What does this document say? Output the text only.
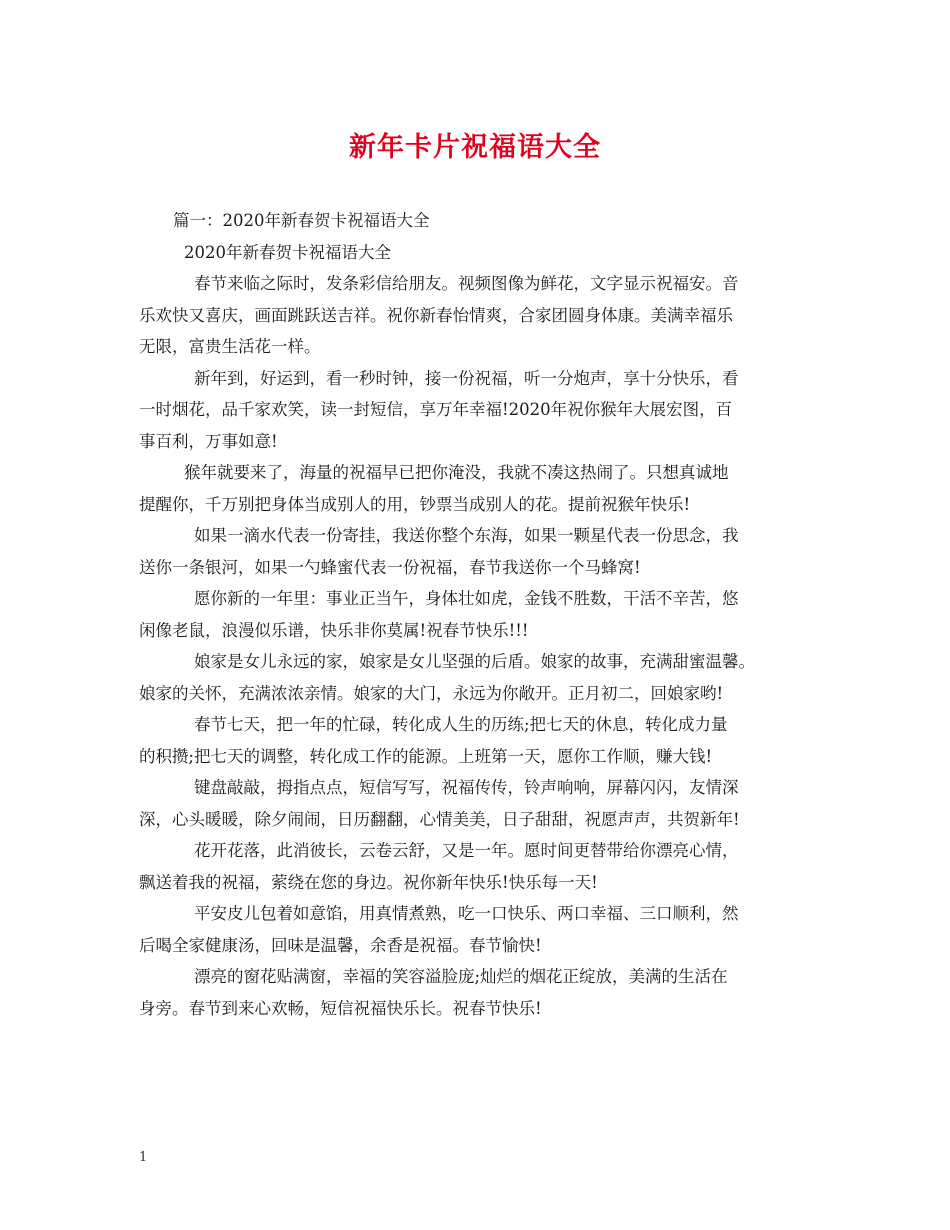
新年卡片祝福语大全
篇一：2020年新春贺卡祝福语大全
2020年新春贺卡祝福语大全
春节来临之际时，发条彩信给朋友。视频图像为鲜花，文字显示祝福安。音
乐欢快又喜庆，画面跳跃送吉祥。祝你新春怡情爽，合家团圆身体康。美满幸福乐
无限，富贵生活花一样。
新年到，好运到，看一秒时钟，接一份祝福，听一分炮声，享十分快乐，看
一时烟花，品千家欢笑，读一封短信，享万年幸福!2020年祝你猴年大展宏图，百
事百利，万事如意!
猴年就要来了，海量的祝福早已把你淹没，我就不凑这热闹了。只想真诚地
提醒你，千万别把身体当成别人的用，钞票当成别人的花。提前祝猴年快乐!
如果一滴水代表一份寄挂，我送你整个东海，如果一颗星代表一份思念，我
送你一条银河，如果一勺蜂蜜代表一份祝福，春节我送你一个马蜂窝!
愿你新的一年里：事业正当午，身体壮如虎，金钱不胜数，干活不辛苦，悠
闲像老鼠，浪漫似乐谱，快乐非你莫属!祝春节快乐!!!
娘家是女儿永远的家，娘家是女儿坚强的后盾。娘家的故事，充满甜蜜温馨。
娘家的关怀，充满浓浓亲情。娘家的大门，永远为你敞开。正月初二，回娘家哟!
春节七天，把一年的忙碌，转化成人生的历练;把七天的休息，转化成力量
的积攒;把七天的调整，转化成工作的能源。上班第一天，愿你工作顺，赚大钱!
键盘敲敲，拇指点点，短信写写，祝福传传，铃声响响，屏幕闪闪，友情深
深，心头暖暖，除夕闹闹，日历翻翻，心情美美，日子甜甜，祝愿声声，共贺新年!
花开花落，此消彼长，云卷云舒，又是一年。愿时间更替带给你漂亮心情，
飘送着我的祝福，萦绕在您的身边。祝你新年快乐!快乐每一天!
平安皮儿包着如意馅，用真情煮熟，吃一口快乐、两口幸福、三口顺利，然
后喝全家健康汤，回味是温馨，余香是祝福。春节愉快!
漂亮的窗花贴满窗，幸福的笑容溢脸庞;灿烂的烟花正绽放，美满的生活在
身旁。春节到来心欢畅，短信祝福快乐长。祝春节快乐!
1
